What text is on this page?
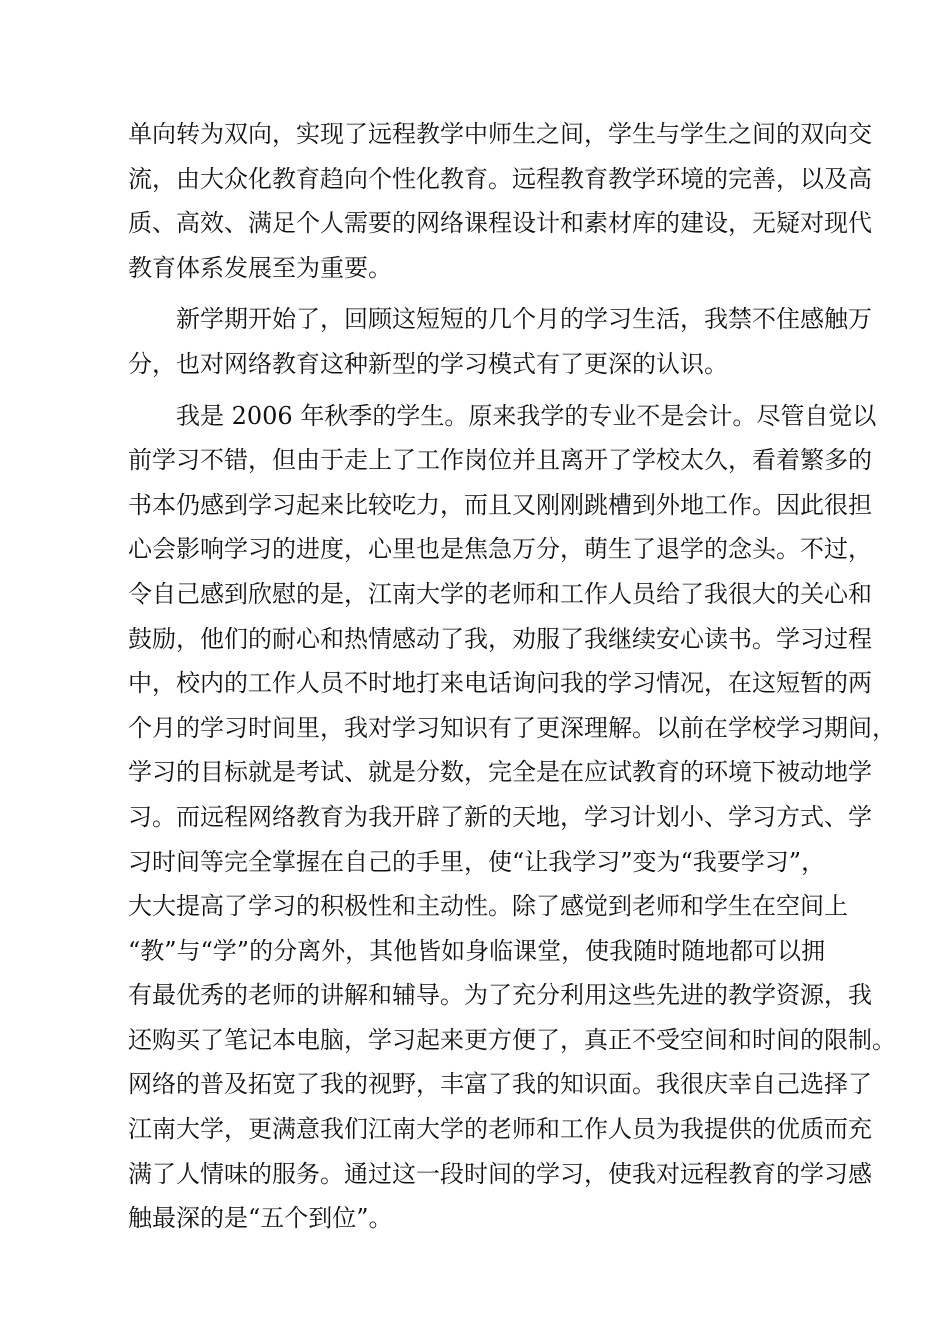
单向转为双向，实现了远程教学中师生之间，学生与学生之间的双向交
流，由大众化教育趋向个性化教育。远程教育教学环境的完善，以及高
质、高效、满足个人需要的网络课程设计和素材库的建设，无疑对现代
教育体系发展至为重要。
　　新学期开始了，回顾这短短的几个月的学习生活，我禁不住感触万
分，也对网络教育这种新型的学习模式有了更深的认识。
　　我是 2006 年秋季的学生。原来我学的专业不是会计。尽管自觉以
前学习不错，但由于走上了工作岗位并且离开了学校太久，看着繁多的
书本仍感到学习起来比较吃力，而且又刚刚跳槽到外地工作。因此很担
心会影响学习的进度，心里也是焦急万分，萌生了退学的念头。不过，
令自己感到欣慰的是，江南大学的老师和工作人员给了我很大的关心和
鼓励，他们的耐心和热情感动了我，劝服了我继续安心读书。学习过程
中，校内的工作人员不时地打来电话询问我的学习情况，在这短暂的两
个月的学习时间里，我对学习知识有了更深理解。以前在学校学习期间，
学习的目标就是考试、就是分数，完全是在应试教育的环境下被动地学
习。而远程网络教育为我开辟了新的天地，学习计划小、学习方式、学
习时间等完全掌握在自己的手里，使“让我学习”变为“我要学习”，
大大提高了学习的积极性和主动性。除了感觉到老师和学生在空间上
“教”与“学”的分离外，其他皆如身临课堂，使我随时随地都可以拥
有最优秀的老师的讲解和辅导。为了充分利用这些先进的教学资源，我
还购买了笔记本电脑，学习起来更方便了，真正不受空间和时间的限制。
网络的普及拓宽了我的视野，丰富了我的知识面。我很庆幸自己选择了
江南大学，更满意我们江南大学的老师和工作人员为我提供的优质而充
满了人情味的服务。通过这一段时间的学习，使我对远程教育的学习感
触最深的是“五个到位”。
